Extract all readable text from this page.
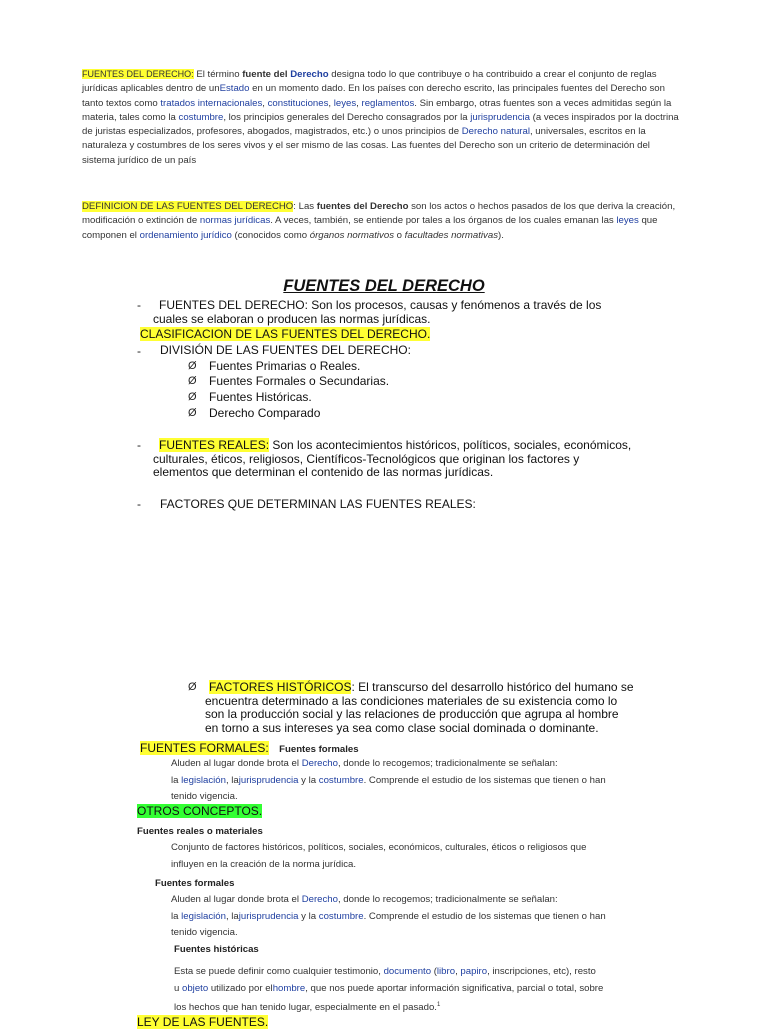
FUENTES DEL DERECHO: El término fuente del Derecho designa todo lo que contribuye o ha contribuido a crear el conjunto de reglas jurídicas aplicables dentro de unEstado en un momento dado. En los países con derecho escrito, las principales fuentes del Derecho son tanto textos como tratados internacionales, constituciones, leyes, reglamentos. Sin embargo, otras fuentes son a veces admitidas según la materia, tales como la costumbre, los principios generales del Derecho consagrados por la jurisprudencia (a veces inspirados por la doctrina de juristas especializados, profesores, abogados, magistrados, etc.) o unos principios de Derecho natural, universales, escritos en la naturaleza y costumbres de los seres vivos y el ser mismo de las cosas. Las fuentes del Derecho son un criterio de determinación del sistema jurídico de un país
DEFINICION DE LAS FUENTES DEL DERECHO: Las fuentes del Derecho son los actos o hechos pasados de los que deriva la creación, modificación o extinción de normas jurídicas. A veces, también, se entiende por tales a los órganos de los cuales emanan las leyes que componen el ordenamiento jurídico (conocidos como órganos normativos o facultades normativas).
FUENTES DEL DERECHO
-	FUENTES DEL DERECHO: Son los procesos, causas y fenómenos a través de los cuales se elaboran o producen las normas jurídicas.
CLASIFICACION DE LAS FUENTES DEL DERECHO.
- DIVISIÓN DE LAS FUENTES DEL DERECHO:
Ø Fuentes Primarias o Reales.
Ø Fuentes Formales o Secundarias.
Ø Fuentes Históricas.
Ø Derecho Comparado
-	FUENTES REALES: Son los acontecimientos históricos, políticos, sociales, económicos, culturales, éticos, religiosos, Científicos-Tecnológicos que originan los factores y elementos que determinan el contenido de las normas jurídicas.
- FACTORES QUE DETERMINAN LAS FUENTES REALES:
Ø	FACTORES HISTÓRICOS: El transcurso del desarrollo histórico del humano se encuentra determinado a las condiciones materiales de su existencia como lo son la producción social y las relaciones de producción que agrupa al hombre en torno a sus intereses ya sea como clase social dominada o dominante.
FUENTES FORMALES: Fuentes formales
Aluden al lugar donde brota el Derecho, donde lo recogemos; tradicionalmente se señalan:
la legislación, lajurisprudencia y la costumbre. Comprende el estudio de los sistemas que tienen o han tenido vigencia.
OTROS CONCEPTOS.
Fuentes reales o materiales
Conjunto de factores históricos, políticos, sociales, económicos, culturales, éticos o religiosos que influyen en la creación de la norma jurídica.
Fuentes formales
Aluden al lugar donde brota el Derecho, donde lo recogemos; tradicionalmente se señalan:
la legislación, lajurisprudencia y la costumbre. Comprende el estudio de los sistemas que tienen o han tenido vigencia.
Fuentes históricas
Esta se puede definir como cualquier testimonio, documento (libro, papiro, inscripciones, etc), resto
u objeto utilizado por elhombre, que nos puede aportar información significativa, parcial o total, sobre
los hechos que han tenido lugar, especialmente en el pasado.$^1$
LEY DE LAS FUENTES.
